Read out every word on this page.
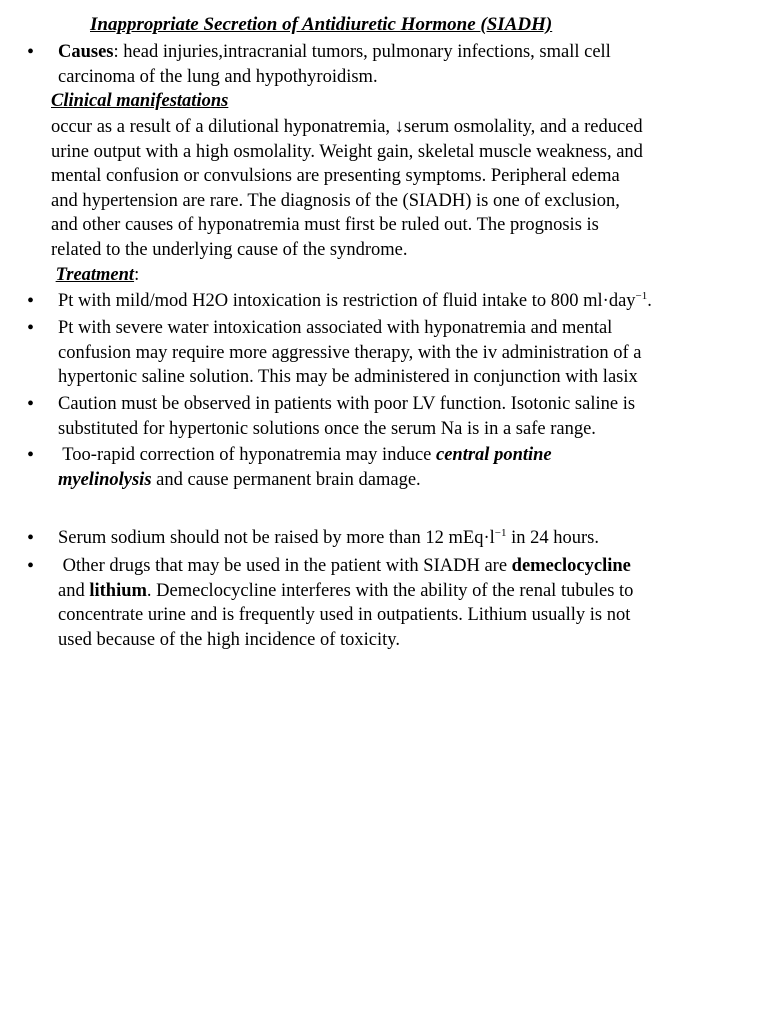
Inappropriate Secretion of Antidiuretic Hormone (SIADH)
• Causes: head injuries,intracranial tumors, pulmonary infections, small cell
carcinoma of the lung and hypothyroidism.
Clinical manifestations
occur as a result of a dilutional hyponatremia, ↓serum osmolality, and a reduced
urine output with a high osmolality. Weight gain, skeletal muscle weakness, and
mental confusion or convulsions are presenting symptoms. Peripheral edema
and hypertension are rare. The diagnosis of the (SIADH) is one of exclusion,
and other causes of hyponatremia must first be ruled out. The prognosis is
related to the underlying cause of the syndrome.
Treatment:
• Pt with mild/mod H2O intoxication is restriction of fluid intake to 800 ml·day$^{-1}$.
• Pt with severe water intoxication associated with hyponatremia and mental
confusion may require more aggressive therapy, with the iv administration of a
hypertonic saline solution. This may be administered in conjunction with lasix
• Caution must be observed in patients with poor LV function. Isotonic saline is
substituted for hypertonic solutions once the serum Na is in a safe range.
• Too-rapid correction of hyponatremia may induce central pontine
myelinolysis and cause permanent brain damage.
• Serum sodium should not be raised by more than 12 $mEq\cdot l^{-1}$ in 24 hours.
• Other drugs that may be used in the patient with SIADH are demeclocycline
and lithium. Demeclocycline interferes with the ability of the renal tubules to
concentrate urine and is frequently used in outpatients. Lithium usually is not
used because of the high incidence of toxicity.
